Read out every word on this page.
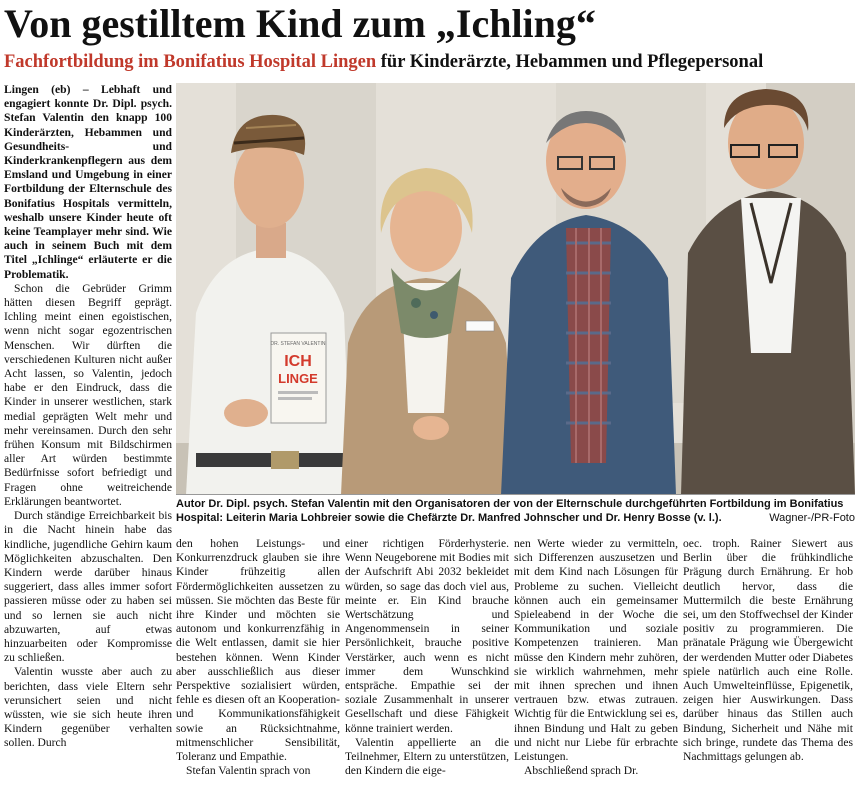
Von gestilltem Kind zum „Ichling“
Fachfortbildung im Bonifatius Hospital Lingen für Kinderärzte, Hebammen und Pflegepersonal

Lingen (eb) – Lebhaft und engagiert konnte Dr. Dipl. psych. Stefan Valentin den knapp 100 Kinderärzten, Hebammen und Gesundheits- und Kinderkrankenpflegern aus dem Emsland und Umgebung in einer Fortbildung der Elternschule des Bonifatius Hospitals vermitteln, weshalb unsere Kinder heute oft keine Teamplayer mehr sind. Wie auch in seinem Buch mit dem Titel „Ichlinge“ erläuterte er die Problematik.

Schon die Gebrüder Grimm hätten diesen Begriff geprägt. Ichling meint einen egoistischen, wenn nicht sogar egozentrischen Menschen. Wir dürften die verschiedenen Kulturen nicht außer Acht lassen, so Valentin, jedoch habe er den Eindruck, dass die Kinder in unserer westlichen, stark medial geprägten Welt mehr und mehr vereinsamen. Durch den sehr frühen Konsum mit Bildschirmen aller Art würden bestimmte Bedürfnisse sofort befriedigt und Fragen ohne weitreichende Erklärungen beantwortet.

Durch ständige Erreichbarkeit bis in die Nacht hinein habe das kindliche, jugendliche Gehirn kaum Möglichkeiten abzuschalten. Den Kindern werde darüber hinaus suggeriert, dass alles immer sofort passieren müsse oder zu haben sei und so lernen sie auch nicht abzuwarten, auf etwas hinzuarbeiten oder Kompromisse zu schließen.

Valentin wusste aber auch zu berichten, dass viele Eltern sehr verunsichert seien und nicht wüssten, wie sie sich heute ihren Kindern gegenüber verhalten sollen. Durch

DR. STEFAN VALENTIN
ICH
LINGE
Autor Dr. Dipl. psych. Stefan Valentin mit den Organisatoren der von der Elternschule durchgeführten Fortbildung im Bonifatius Hospital: Leiterin Maria Lohbreier sowie die Chefärzte Dr. Manfred Johnscher und Dr. Henry Bosse (v. l.).	Wagner-/PR-Foto

den hohen Leistungs- und Konkurrenzdruck glauben sie ihre Kinder frühzeitig allen Fördermöglichkeiten aussetzen zu müssen. Sie möchten das Beste für ihre Kinder und möchten sie autonom und konkurrenzfähig in die Welt entlassen, damit sie hier bestehen können. Wenn Kinder aber ausschließlich aus dieser Perspektive sozialisiert würden, fehle es diesen oft an Kooperation- und Kommunikationsfähigkeit sowie an Rücksichtnahme, mitmenschlicher Sensibilität, Toleranz und Empathie.

Stefan Valentin sprach von

einer richtigen Förderhysterie. Wenn Neugeborene mit Bodies mit der Aufschrift Abi 2032 bekleidet würden, so sage das doch viel aus, meinte er. Ein Kind brauche Wertschätzung und Angenommensein in seiner Persönlichkeit, brauche positive Verstärker, auch wenn es nicht immer dem Wunschkind entspräche. Empathie sei der soziale Zusammenhalt in unserer Gesellschaft und diese Fähigkeit könne trainiert werden.

Valentin appellierte an die Teilnehmer, Eltern zu unterstützen, den Kindern die eige-

nen Werte wieder zu vermitteln, sich Differenzen auszusetzen und mit dem Kind nach Lösungen für Probleme zu suchen. Vielleicht können auch ein gemeinsamer Spieleabend in der Woche die Kommunikation und soziale Kompetenzen trainieren. Man müsse den Kindern mehr zuhören, sie wirklich wahrnehmen, mehr mit ihnen sprechen und ihnen vertrauen bzw. etwas zutrauen. Wichtig für die Entwicklung sei es, ihnen Bindung und Halt zu geben und nicht nur Liebe für erbrachte Leistungen.

Abschließend sprach Dr.

oec. troph. Rainer Siewert aus Berlin über die frühkindliche Prägung durch Ernährung. Er hob deutlich hervor, dass die Muttermilch die beste Ernährung sei, um den Stoffwechsel der Kinder positiv zu programmieren. Die pränatale Prägung wie Übergewicht der werdenden Mutter oder Diabetes spiele natürlich auch eine Rolle. Auch Umwelteinflüsse, Epigenetik, zeigen hier Auswirkungen. Dass darüber hinaus das Stillen auch Bindung, Sicherheit und Nähe mit sich bringe, rundete das Thema des Nachmittags gelungen ab.
